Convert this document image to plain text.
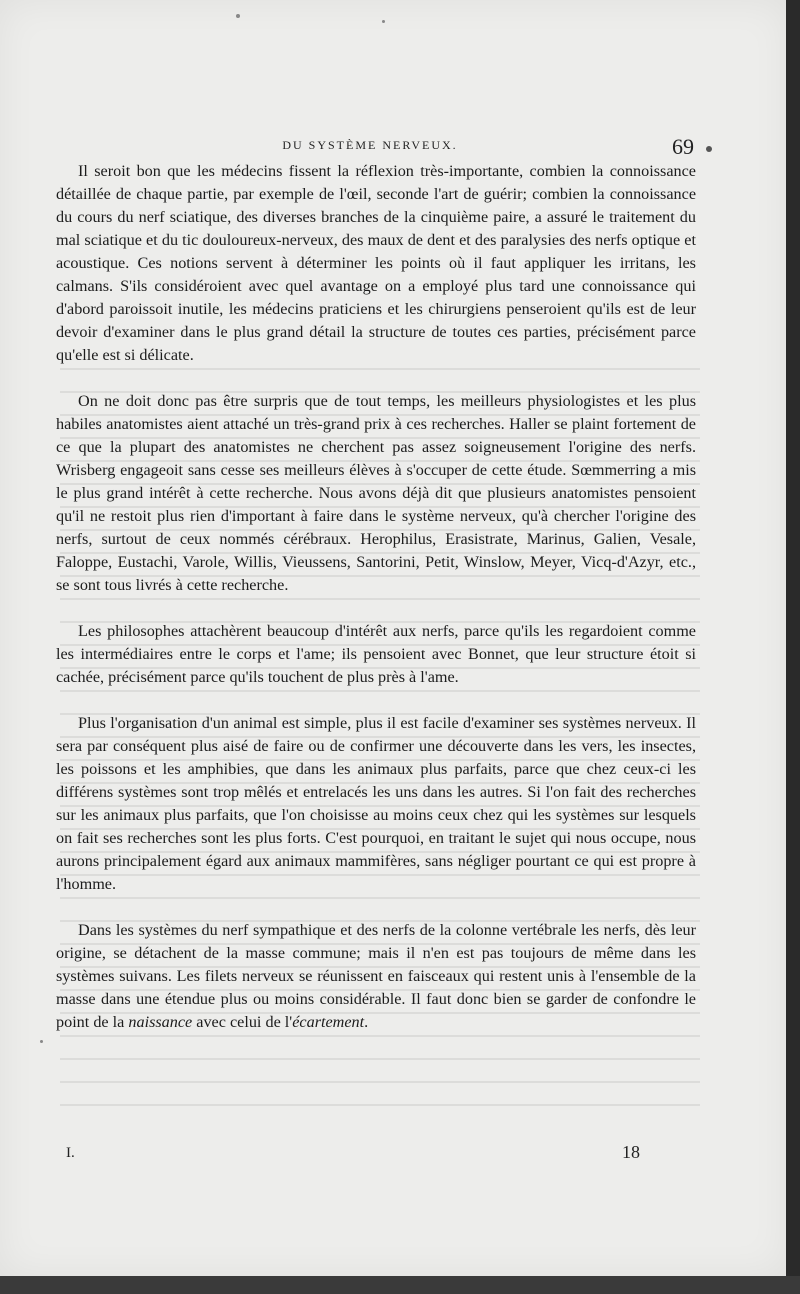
DU SYSTÈME NERVEUX.	69

Il seroit bon que les médecins fissent la réflexion très-importante, combien la connoissance détaillée de chaque partie, par exemple de l'œil, seconde l'art de guérir; combien la connoissance du cours du nerf sciatique, des diverses branches de la cinquième paire, a assuré le traitement du mal sciatique et du tic douloureux-nerveux, des maux de dent et des paralysies des nerfs optique et acoustique. Ces notions servent à déterminer les points où il faut appliquer les irritans, les calmans. S'ils considéroient avec quel avantage on a employé plus tard une connoissance qui d'abord paroissoit inutile, les médecins praticiens et les chirurgiens penseroient qu'ils est de leur devoir d'examiner dans le plus grand détail la structure de toutes ces parties, précisément parce qu'elle est si délicate.

On ne doit donc pas être surpris que de tout temps, les meilleurs physiologistes et les plus habiles anatomistes aient attaché un très-grand prix à ces recherches. Haller se plaint fortement de ce que la plupart des anatomistes ne cherchent pas assez soigneusement l'origine des nerfs. Wrisberg engageoit sans cesse ses meilleurs élèves à s'occuper de cette étude. Sœmmerring a mis le plus grand intérêt à cette recherche. Nous avons déjà dit que plusieurs anatomistes pensoient qu'il ne restoit plus rien d'important à faire dans le système nerveux, qu'à chercher l'origine des nerfs, surtout de ceux nommés cérébraux. Herophilus, Erasistrate, Marinus, Galien, Vesale, Faloppe, Eustachi, Varole, Willis, Vieussens, Santorini, Petit, Winslow, Meyer, Vicq-d'Azyr, etc., se sont tous livrés à cette recherche.

Les philosophes attachèrent beaucoup d'intérêt aux nerfs, parce qu'ils les regardoient comme les intermédiaires entre le corps et l'ame; ils pensoient avec Bonnet, que leur structure étoit si cachée, précisément parce qu'ils touchent de plus près à l'ame.

Plus l'organisation d'un animal est simple, plus il est facile d'examiner ses systèmes nerveux. Il sera par conséquent plus aisé de faire ou de confirmer une découverte dans les vers, les insectes, les poissons et les amphibies, que dans les animaux plus parfaits, parce que chez ceux-ci les différens systèmes sont trop mêlés et entrelacés les uns dans les autres. Si l'on fait des recherches sur les animaux plus parfaits, que l'on choisisse au moins ceux chez qui les systèmes sur lesquels on fait ses recherches sont les plus forts. C'est pourquoi, en traitant le sujet qui nous occupe, nous aurons principalement égard aux animaux mammifères, sans négliger pourtant ce qui est propre à l'homme.

Dans les systèmes du nerf sympathique et des nerfs de la colonne vertébrale les nerfs, dès leur origine, se détachent de la masse commune; mais il n'en est pas toujours de même dans les systèmes suivans. Les filets nerveux se réunissent en faisceaux qui restent unis à l'ensemble de la masse dans une étendue plus ou moins considérable. Il faut donc bien se garder de confondre le point de la naissance avec celui de l'écartement.

I.	18
